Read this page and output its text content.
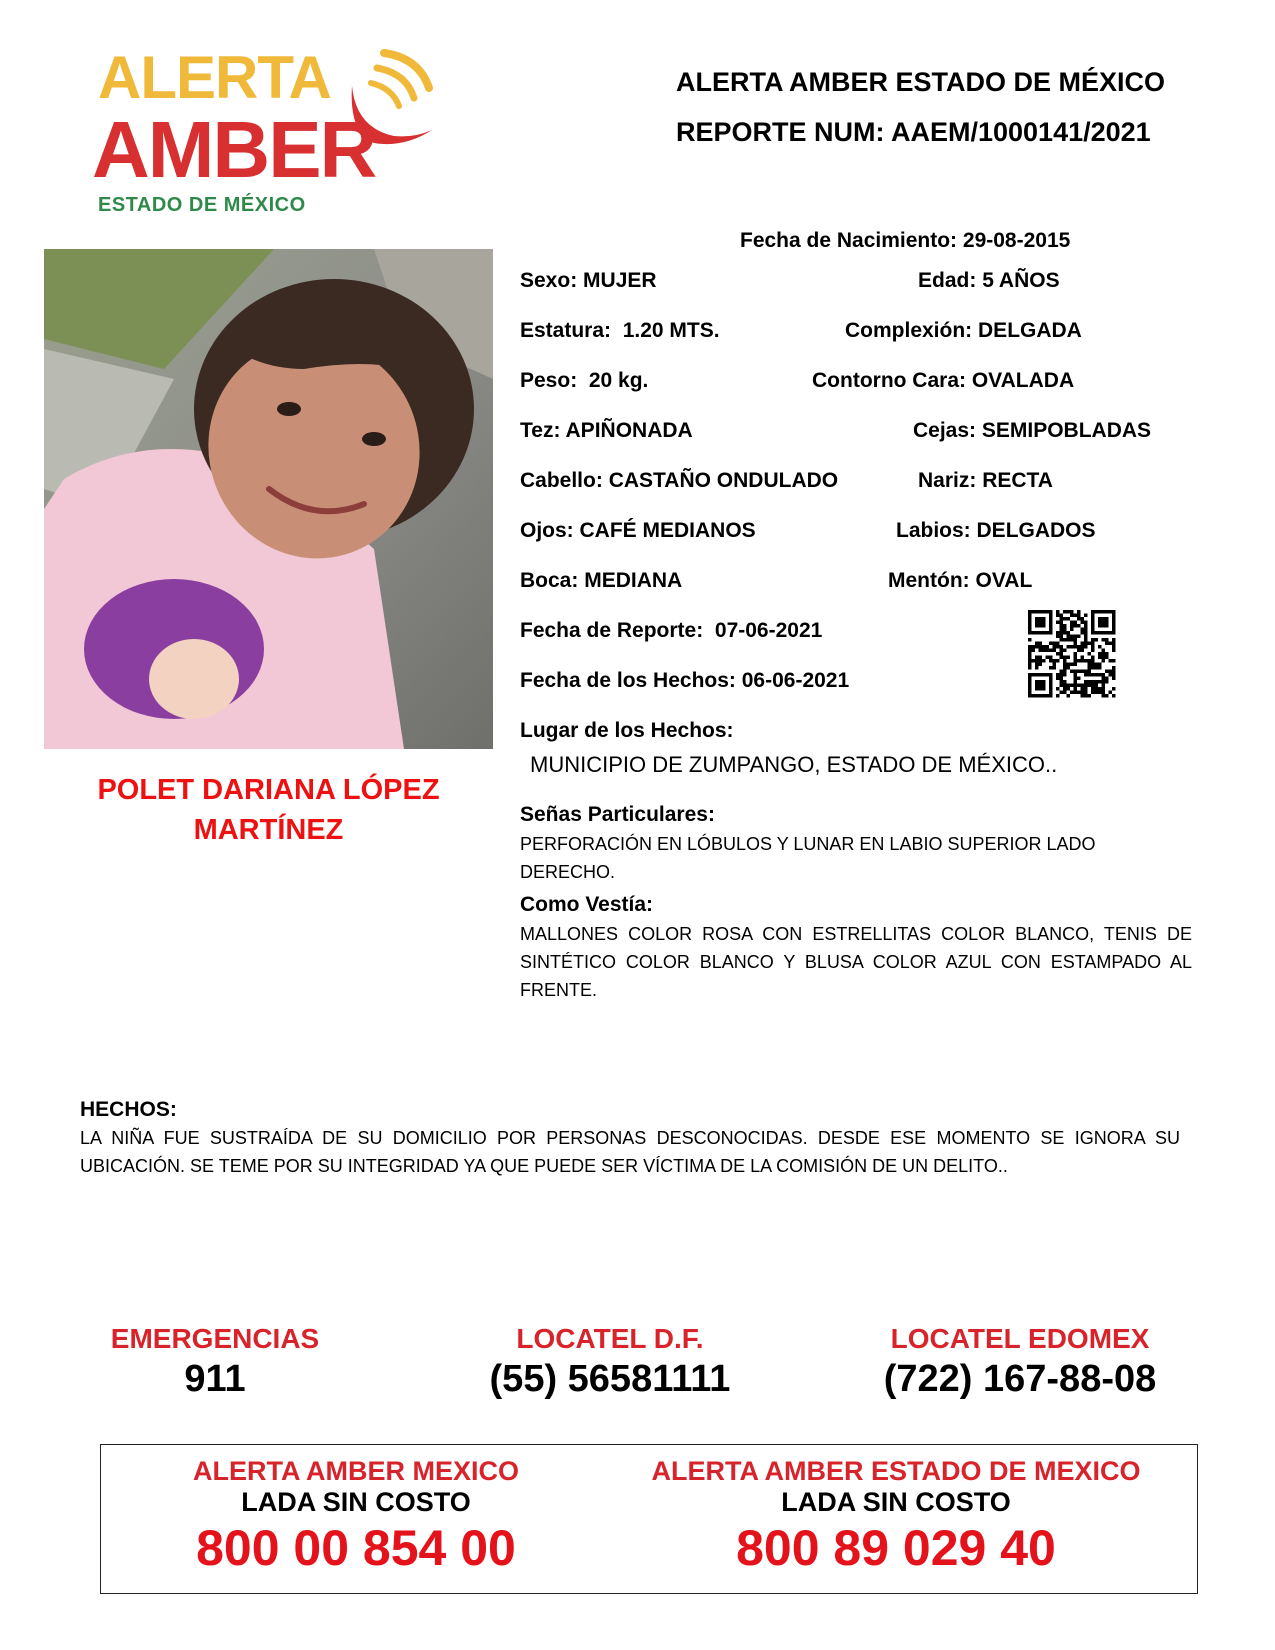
ALERTA
AMBER
ESTADO DE MÉXICO
ALERTA AMBER ESTADO DE MÉXICO
REPORTE NUM: AAEM/1000141/2021
POLET DARIANA LÓPEZ
MARTÍNEZ
Fecha de Nacimiento: 29-08-2015
Sexo: MUJER	Edad: 5 AÑOS
Estatura: 1.20 MTS.	Complexión: DELGADA
Peso: 20 kg.	Contorno Cara: OVALADA
Tez: APIÑONADA	Cejas: SEMIPOBLADAS
Cabello: CASTAÑO ONDULADO	Nariz: RECTA
Ojos: CAFÉ MEDIANOS	Labios: DELGADOS
Boca: MEDIANA	Mentón: OVAL
Fecha de Reporte: 07-06-2021
Fecha de los Hechos: 06-06-2021
Lugar de los Hechos:
MUNICIPIO DE ZUMPANGO, ESTADO DE MÉXICO..
Señas Particulares:
PERFORACIÓN EN LÓBULOS Y LUNAR EN LABIO SUPERIOR LADO DERECHO.
Como Vestía:
MALLONES COLOR ROSA CON ESTRELLITAS COLOR BLANCO, TENIS DE SINTÉTICO COLOR BLANCO Y BLUSA COLOR AZUL CON ESTAMPADO AL FRENTE.
HECHOS:
LA NIÑA FUE SUSTRAÍDA DE SU DOMICILIO POR PERSONAS DESCONOCIDAS. DESDE ESE MOMENTO SE IGNORA SU UBICACIÓN. SE TEME POR SU INTEGRIDAD YA QUE PUEDE SER VÍCTIMA DE LA COMISIÓN DE UN DELITO..
EMERGENCIAS
911
LOCATEL D.F.
(55) 56581111
LOCATEL EDOMEX
(722) 167-88-08
ALERTA AMBER MEXICO
LADA SIN COSTO
800 00 854 00
ALERTA AMBER ESTADO DE MEXICO
LADA SIN COSTO
800 89 029 40
